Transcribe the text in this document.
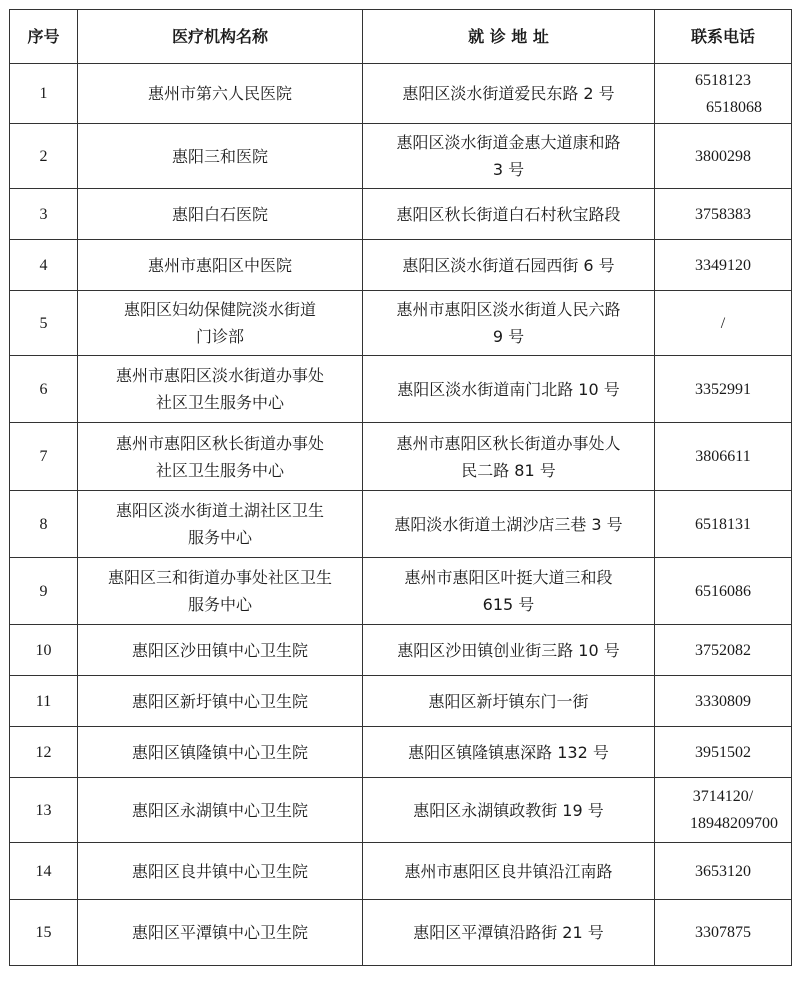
序号	医疗机构名称	就 诊 地 址	联系电话
1	惠州市第六人民医院	惠阳区淡水街道爱民东路 2 号	6518123
6518068

2	惠阳三和医院	惠阳区淡水街道金惠大道康和路
3 号	3800298

3	惠阳白石医院	惠阳区秋长街道白石村秋宝路段	3758383

4	惠州市惠阳区中医院	惠阳区淡水街道石园西街 6 号	3349120

5	惠阳区妇幼保健院淡水街道
门诊部	惠州市惠阳区淡水街道人民六路
9 号	/

6	惠州市惠阳区淡水街道办事处
社区卫生服务中心	惠阳区淡水街道南门北路 10 号	3352991

7	惠州市惠阳区秋长街道办事处
社区卫生服务中心	惠州市惠阳区秋长街道办事处人
民二路 81 号	3806611

8	惠阳区淡水街道土湖社区卫生
服务中心	惠阳淡水街道土湖沙店三巷 3 号	6518131

9	惠阳区三和街道办事处社区卫生
服务中心	惠州市惠阳区叶挺大道三和段
615 号	6516086

10	惠阳区沙田镇中心卫生院	惠阳区沙田镇创业街三路 10 号	3752082

11	惠阳区新圩镇中心卫生院	惠阳区新圩镇东门一街	3330809

12	惠阳区镇隆镇中心卫生院	惠阳区镇隆镇惠深路 132 号	3951502

13	惠阳区永湖镇中心卫生院	惠阳区永湖镇政教街 19 号	3714120/
18948209700

14	惠阳区良井镇中心卫生院	惠州市惠阳区良井镇沿江南路	3653120

15	惠阳区平潭镇中心卫生院	惠阳区平潭镇沿路街 21 号	3307875
